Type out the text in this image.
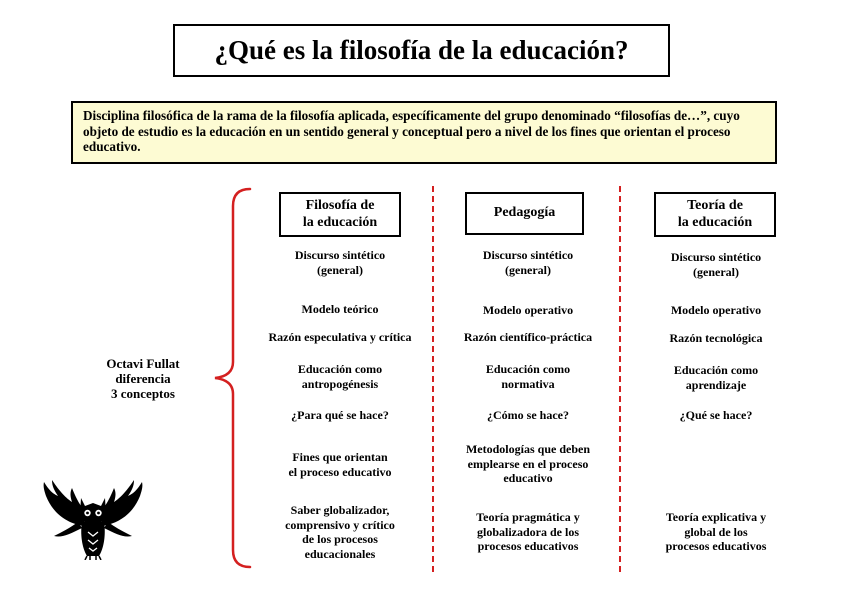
¿Qué es la filosofía de la educación?
Disciplina filosófica de la rama de la filosofía aplicada, específicamente del grupo denominado “filosofías de…”, cuyo objeto de estudio es la educación en un sentido general y conceptual pero a nivel de los fines que orientan el proceso educativo.
Octavi Fullat
diferencia
3 conceptos
Filosofía de
la educación
Pedagogía	Teoría de
la educación
Discurso sintético
(general)
Modelo teórico
Razón especulativa y crítica
Educación como
antropogénesis
¿Para qué se hace?
Fines que orientan
el proceso educativo
Saber globalizador,
comprensivo y crítico
de los procesos
educacionales
Discurso sintético
(general)
Modelo operativo
Razón científico-práctica
Educación como
normativa
¿Cómo se hace?
Metodologías que deben
emplearse en el proceso
educativo
Teoría pragmática y
globalizadora de los
procesos educativos
Discurso sintético
(general)
Modelo operativo
Razón tecnológica
Educación como
aprendizaje
¿Qué se hace?
Teoría explicativa y
global de los
procesos educativos
